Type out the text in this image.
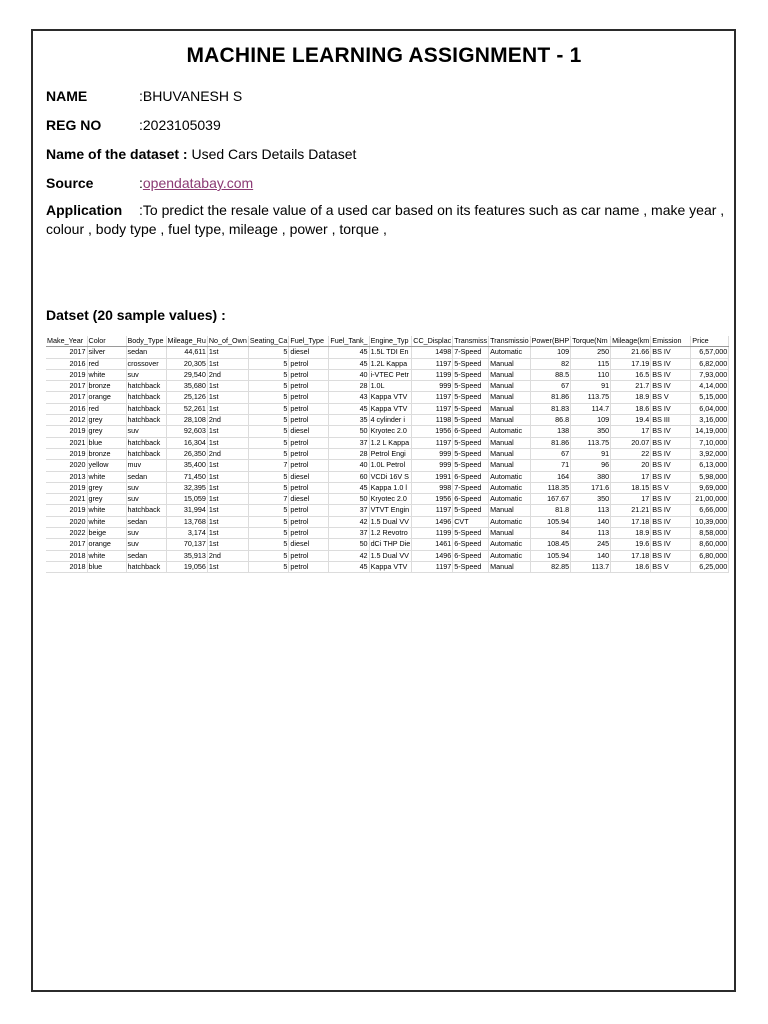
MACHINE LEARNING ASSIGNMENT - 1
NAME	:BHUVANESH S
REG NO	:2023105039
Name of the dataset : Used Cars Details Dataset
Source	:opendatabay.com
Application :To predict the resale value of a used car based on its features such as car name , make year , colour , body type , fuel type, mileage , power , torque ,
Datset (20 sample values) :
Make_Year	Color	Body_Type	Mileage_Ru	No_of_Own	Seating_Ca	Fuel_Type	Fuel_Tank_	Engine_Typ	CC_Displac	Transmiss	Transmissio	Power(BHP	Torque(Nm	Mileage(km	Emission	Price
2017	silver	sedan	44,611	1st	5	diesel	45	1.5L TDI En	1498	7-Speed	Automatic	109	250	21.66	BS IV	6,57,000
2016	red	crossover	20,305	1st	5	petrol	45	1.2L Kappa	1197	5-Speed	Manual	82	115	17.19	BS IV	6,82,000
2019	white	suv	29,540	2nd	5	petrol	40	i-VTEC Petr	1199	5-Speed	Manual	88.5	110	16.5	BS IV	7,93,000
2017	bronze	hatchback	35,680	1st	5	petrol	28	1.0L	999	5-Speed	Manual	67	91	21.7	BS IV	4,14,000
2017	orange	hatchback	25,126	1st	5	petrol	43	Kappa VTV	1197	5-Speed	Manual	81.86	113.75	18.9	BS V	5,15,000
2016	red	hatchback	52,261	1st	5	petrol	45	Kappa VTV	1197	5-Speed	Manual	81.83	114.7	18.6	BS IV	6,04,000
2012	grey	hatchback	28,108	2nd	5	petrol	35	4 cylinder i	1198	5-Speed	Manual	86.8	109	19.4	BS III	3,16,000
2019	grey	suv	92,603	1st	5	diesel	50	Kryotec 2.0	1956	6-Speed	Automatic	138	350	17	BS IV	14,19,000
2021	blue	hatchback	16,304	1st	5	petrol	37	1.2 L Kappa	1197	5-Speed	Manual	81.86	113.75	20.07	BS IV	7,10,000
2019	bronze	hatchback	26,350	2nd	5	petrol	28	Petrol Engi	999	5-Speed	Manual	67	91	22	BS IV	3,92,000
2020	yellow	muv	35,400	1st	7	petrol	40	1.0L Petrol	999	5-Speed	Manual	71	96	20	BS IV	6,13,000
2013	white	sedan	71,450	1st	5	diesel	60	VCDi 16V S	1991	6-Speed	Automatic	164	380	17	BS IV	5,98,000
2019	grey	suv	32,395	1st	5	petrol	45	Kappa 1.0 l	998	7-Speed	Automatic	118.35	171.6	18.15	BS V	9,69,000
2021	grey	suv	15,059	1st	7	diesel	50	Kryotec 2.0	1956	6-Speed	Automatic	167.67	350	17	BS IV	21,00,000
2019	white	hatchback	31,994	1st	5	petrol	37	VTVT Engin	1197	5-Speed	Manual	81.8	113	21.21	BS IV	6,66,000
2020	white	sedan	13,768	1st	5	petrol	42	1.5 Dual VV	1496	CVT	Automatic	105.94	140	17.18	BS IV	10,39,000
2022	beige	suv	3,174	1st	5	petrol	37	1.2 Revotro	1199	5-Speed	Manual	84	113	18.9	BS IV	8,58,000
2017	orange	suv	70,137	1st	5	diesel	50	dCi THP Die	1461	6-Speed	Automatic	108.45	245	19.6	BS IV	8,60,000
2018	white	sedan	35,913	2nd	5	petrol	42	1.5 Dual VV	1496	6-Speed	Automatic	105.94	140	17.18	BS IV	6,80,000
2018	blue	hatchback	19,056	1st	5	petrol	45	Kappa VTV	1197	5-Speed	Manual	82.85	113.7	18.6	BS V	6,25,000
